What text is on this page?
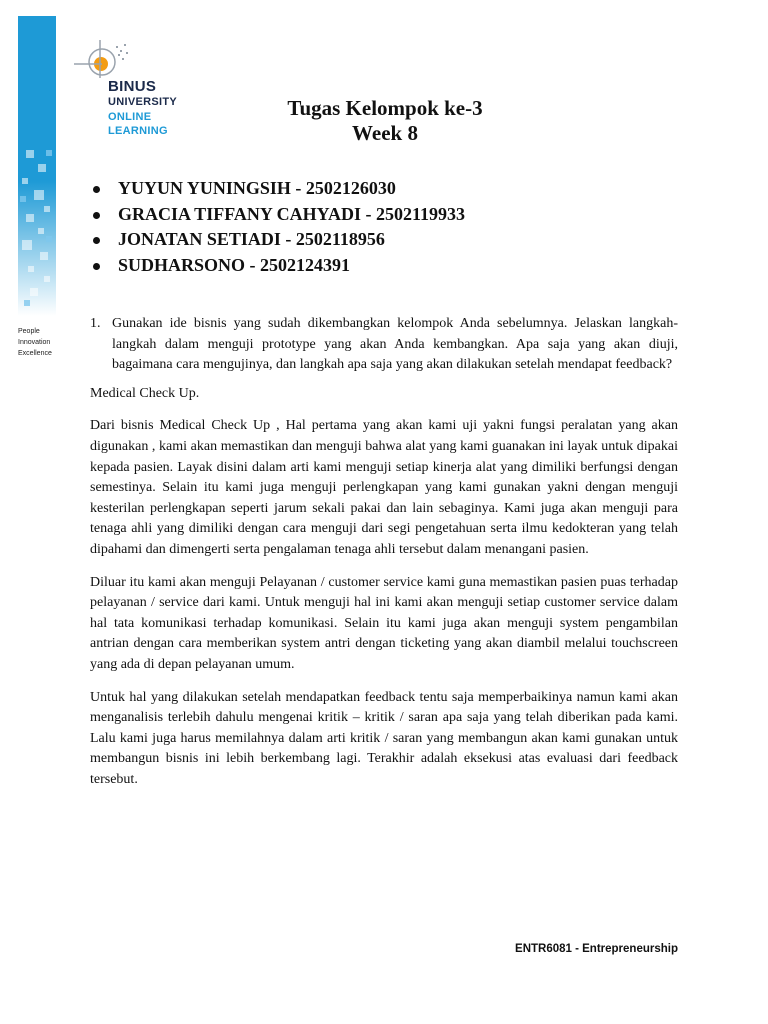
People
Innovation
Excellence
BINUS
UNIVERSITY
ONLINE
LEARNING
Tugas Kelompok ke-3
Week 8
YUYUN YUNINGSIH - 2502126030
GRACIA TIFFANY CAHYADI - 2502119933
JONATAN SETIADI - 2502118956
SUDHARSONO - 2502124391
1. Gunakan ide bisnis yang sudah dikembangkan kelompok Anda sebelumnya. Jelaskan langkah-langkah dalam menguji prototype yang akan Anda kembangkan. Apa saja yang akan diuji, bagaimana cara mengujinya, dan langkah apa saja yang akan dilakukan setelah mendapat feedback?

Medical Check Up.

Dari bisnis Medical Check Up , Hal pertama yang akan kami uji yakni fungsi peralatan yang akan digunakan , kami akan memastikan dan menguji bahwa alat yang kami guanakan ini layak untuk dipakai kepada pasien. Layak disini dalam arti kami menguji setiap kinerja alat yang dimiliki berfungsi dengan semestinya. Selain itu kami juga menguji perlengkapan yang kami gunakan yakni dengan menguji kesterilan perlengkapan seperti jarum sekali pakai dan lain sebaginya. Kami juga akan menguji para tenaga ahli yang dimiliki dengan cara menguji dari segi pengetahuan serta ilmu kedokteran yang telah dipahami dan dimengerti serta pengalaman tenaga ahli tersebut dalam menangani pasien.

Diluar itu kami akan menguji Pelayanan / customer service kami guna memastikan pasien puas terhadap pelayanan / service dari kami. Untuk menguji hal ini kami akan menguji setiap customer service dalam hal tata komunikasi terhadap komunikasi. Selain itu kami juga akan menguji system pengambilan antrian dengan cara memberikan system antri dengan ticketing yang akan diambil melalui touchscreen yang ada di depan pelayanan umum.

Untuk hal yang dilakukan setelah mendapatkan feedback tentu saja memperbaikinya namun kami akan menganalisis terlebih dahulu mengenai kritik – kritik / saran apa saja yang telah diberikan pada kami. Lalu kami juga harus memilahnya dalam arti kritik / saran yang membangun akan kami gunakan untuk membangun bisnis ini lebih berkembang lagi. Terakhir adalah eksekusi atas evaluasi dari feedback tersebut.

ENTR6081 - Entrepreneurship
